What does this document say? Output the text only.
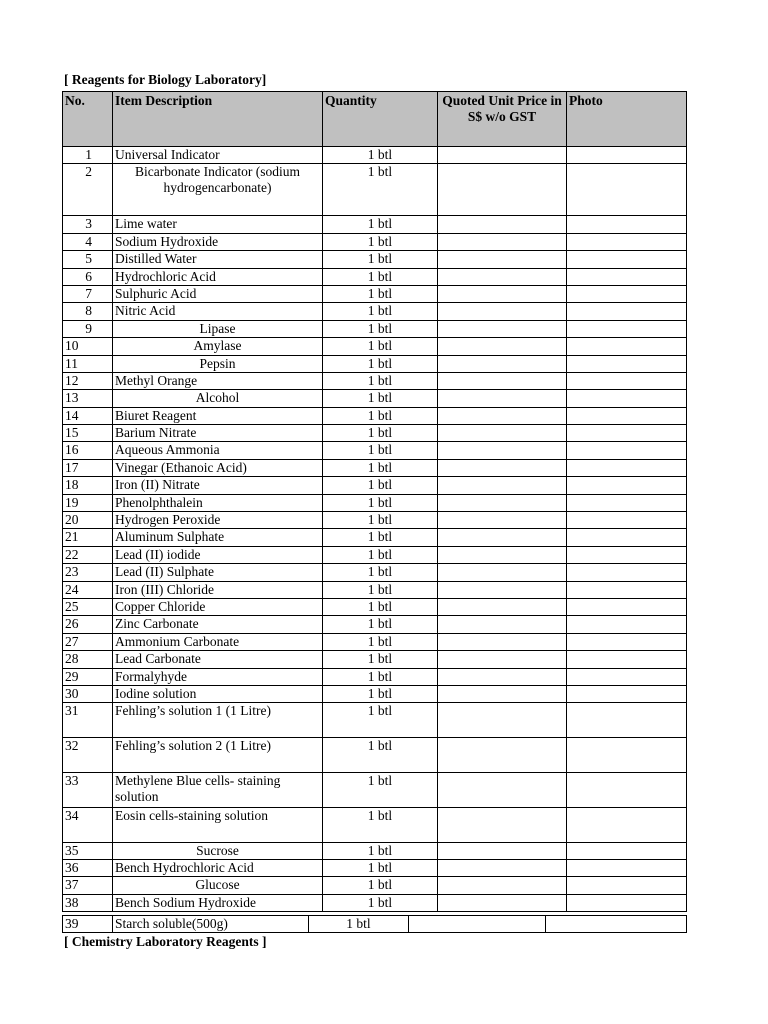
[ Reagents for Biology Laboratory]
No.	Item Description	Quantity	Quoted Unit Price in S$ w/o GST	Photo
1	Universal Indicator	1 btl		
2	Bicarbonate Indicator (sodium hydrogencarbonate)	1 btl		
3	Lime water	1 btl		
4	Sodium Hydroxide	1 btl		
5	Distilled Water	1 btl		
6	Hydrochloric Acid	1 btl		
7	Sulphuric Acid	1 btl		
8	Nitric Acid	1 btl		
9	Lipase	1 btl		
10	Amylase	1 btl		
11	Pepsin	1 btl		
12	Methyl Orange	1 btl		
13	Alcohol	1 btl		
14	Biuret Reagent	1 btl		
15	Barium Nitrate	1 btl		
16	Aqueous Ammonia	1 btl		
17	Vinegar (Ethanoic Acid)	1 btl		
18	Iron (II) Nitrate	1 btl		
19	Phenolphthalein	1 btl		
20	Hydrogen Peroxide	1 btl		
21	Aluminum Sulphate	1 btl		
22	Lead (II) iodide	1 btl		
23	Lead (II) Sulphate	1 btl		
24	Iron (III) Chloride	1 btl		
25	Copper Chloride	1 btl		
26	Zinc Carbonate	1 btl		
27	Ammonium Carbonate	1 btl		
28	Lead Carbonate	1 btl		
29	Formalyhyde	1 btl		
30	Iodine solution	1 btl		
31	Fehling’s solution 1 (1 Litre)	1 btl		
32	Fehling’s solution 2 (1 Litre)	1 btl		
33	Methylene Blue cells- staining solution	1 btl		
34	Eosin cells-staining solution	1 btl		
35	Sucrose	1 btl		
36	Bench Hydrochloric Acid	1 btl		
37	Glucose	1 btl		
38	Bench Sodium Hydroxide	1 btl		
39	Starch soluble(500g)	1 btl		
[ Chemistry Laboratory Reagents ]
